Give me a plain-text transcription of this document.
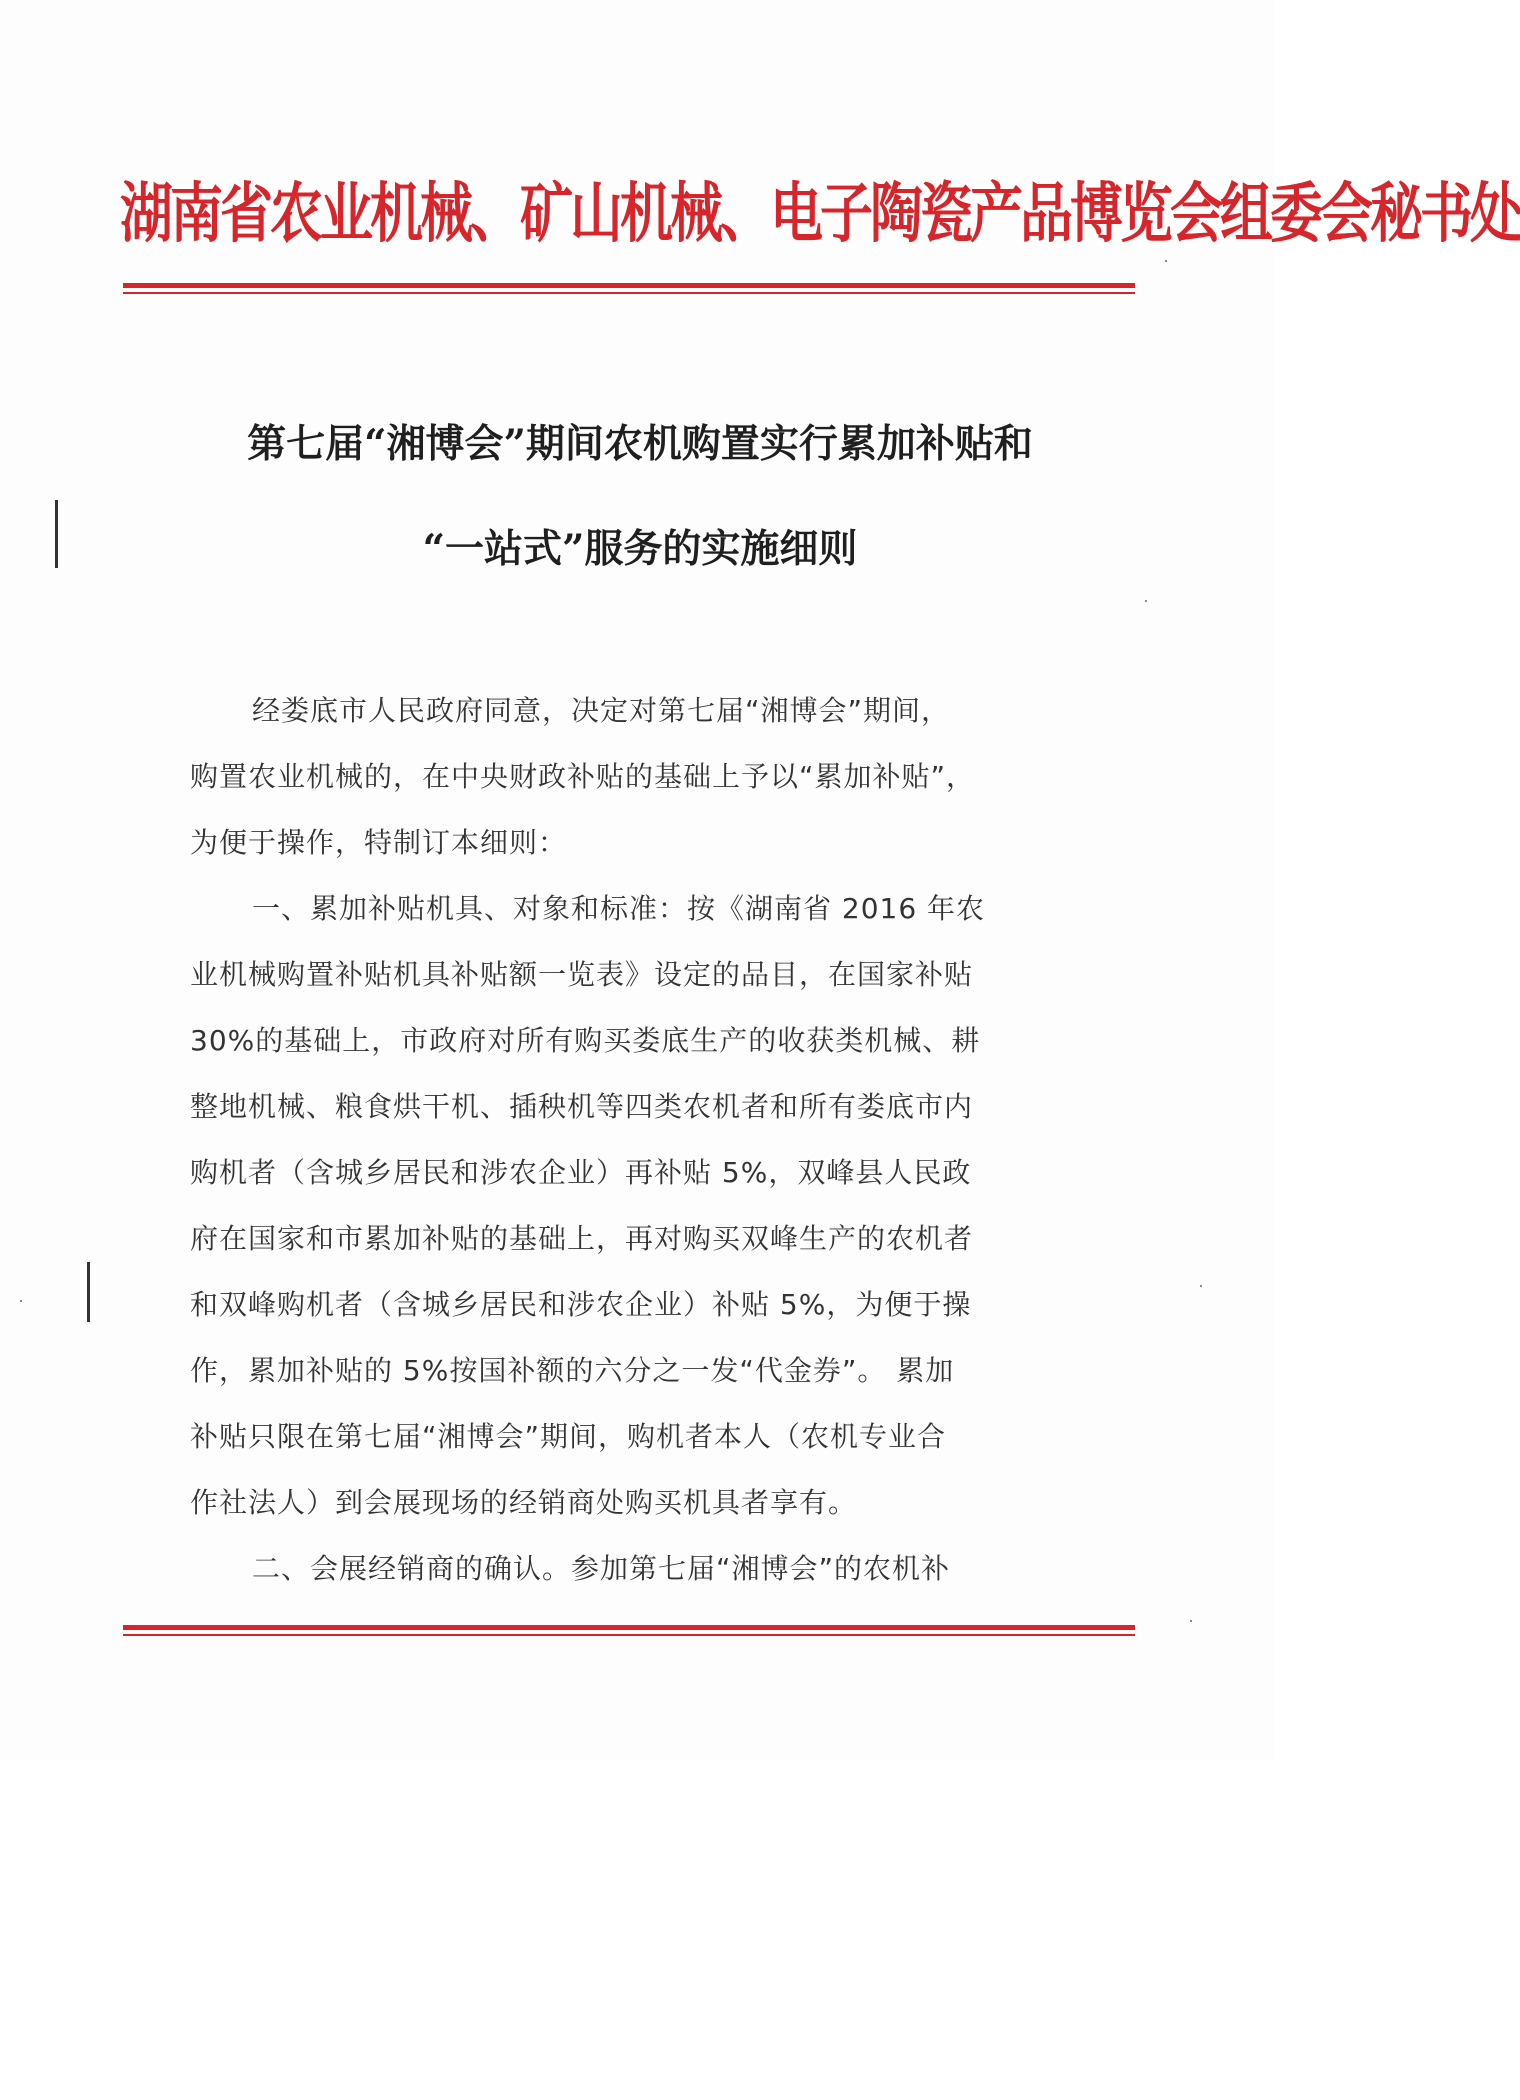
湖南省农业机械、矿山机械、电子陶瓷产品博览会组委会秘书处
第七届“湘博会”期间农机购置实行累加补贴和
“一站式”服务的实施细则
经娄底市人民政府同意，决定对第七届“湘博会”期间，
购置农业机械的，在中央财政补贴的基础上予以“累加补贴”，
为便于操作，特制订本细则：
一、累加补贴机具、对象和标准：按《湖南省 2016 年农
业机械购置补贴机具补贴额一览表》设定的品目，在国家补贴
30%的基础上，市政府对所有购买娄底生产的收获类机械、耕
整地机械、粮食烘干机、插秧机等四类农机者和所有娄底市内
购机者（含城乡居民和涉农企业）再补贴 5%，双峰县人民政
府在国家和市累加补贴的基础上，再对购买双峰生产的农机者
和双峰购机者（含城乡居民和涉农企业）补贴 5%，为便于操
作，累加补贴的 5%按国补额的六分之一发“代金券”。 累加
补贴只限在第七届“湘博会”期间，购机者本人（农机专业合
作社法人）到会展现场的经销商处购买机具者享有。
二、会展经销商的确认。参加第七届“湘博会”的农机补
